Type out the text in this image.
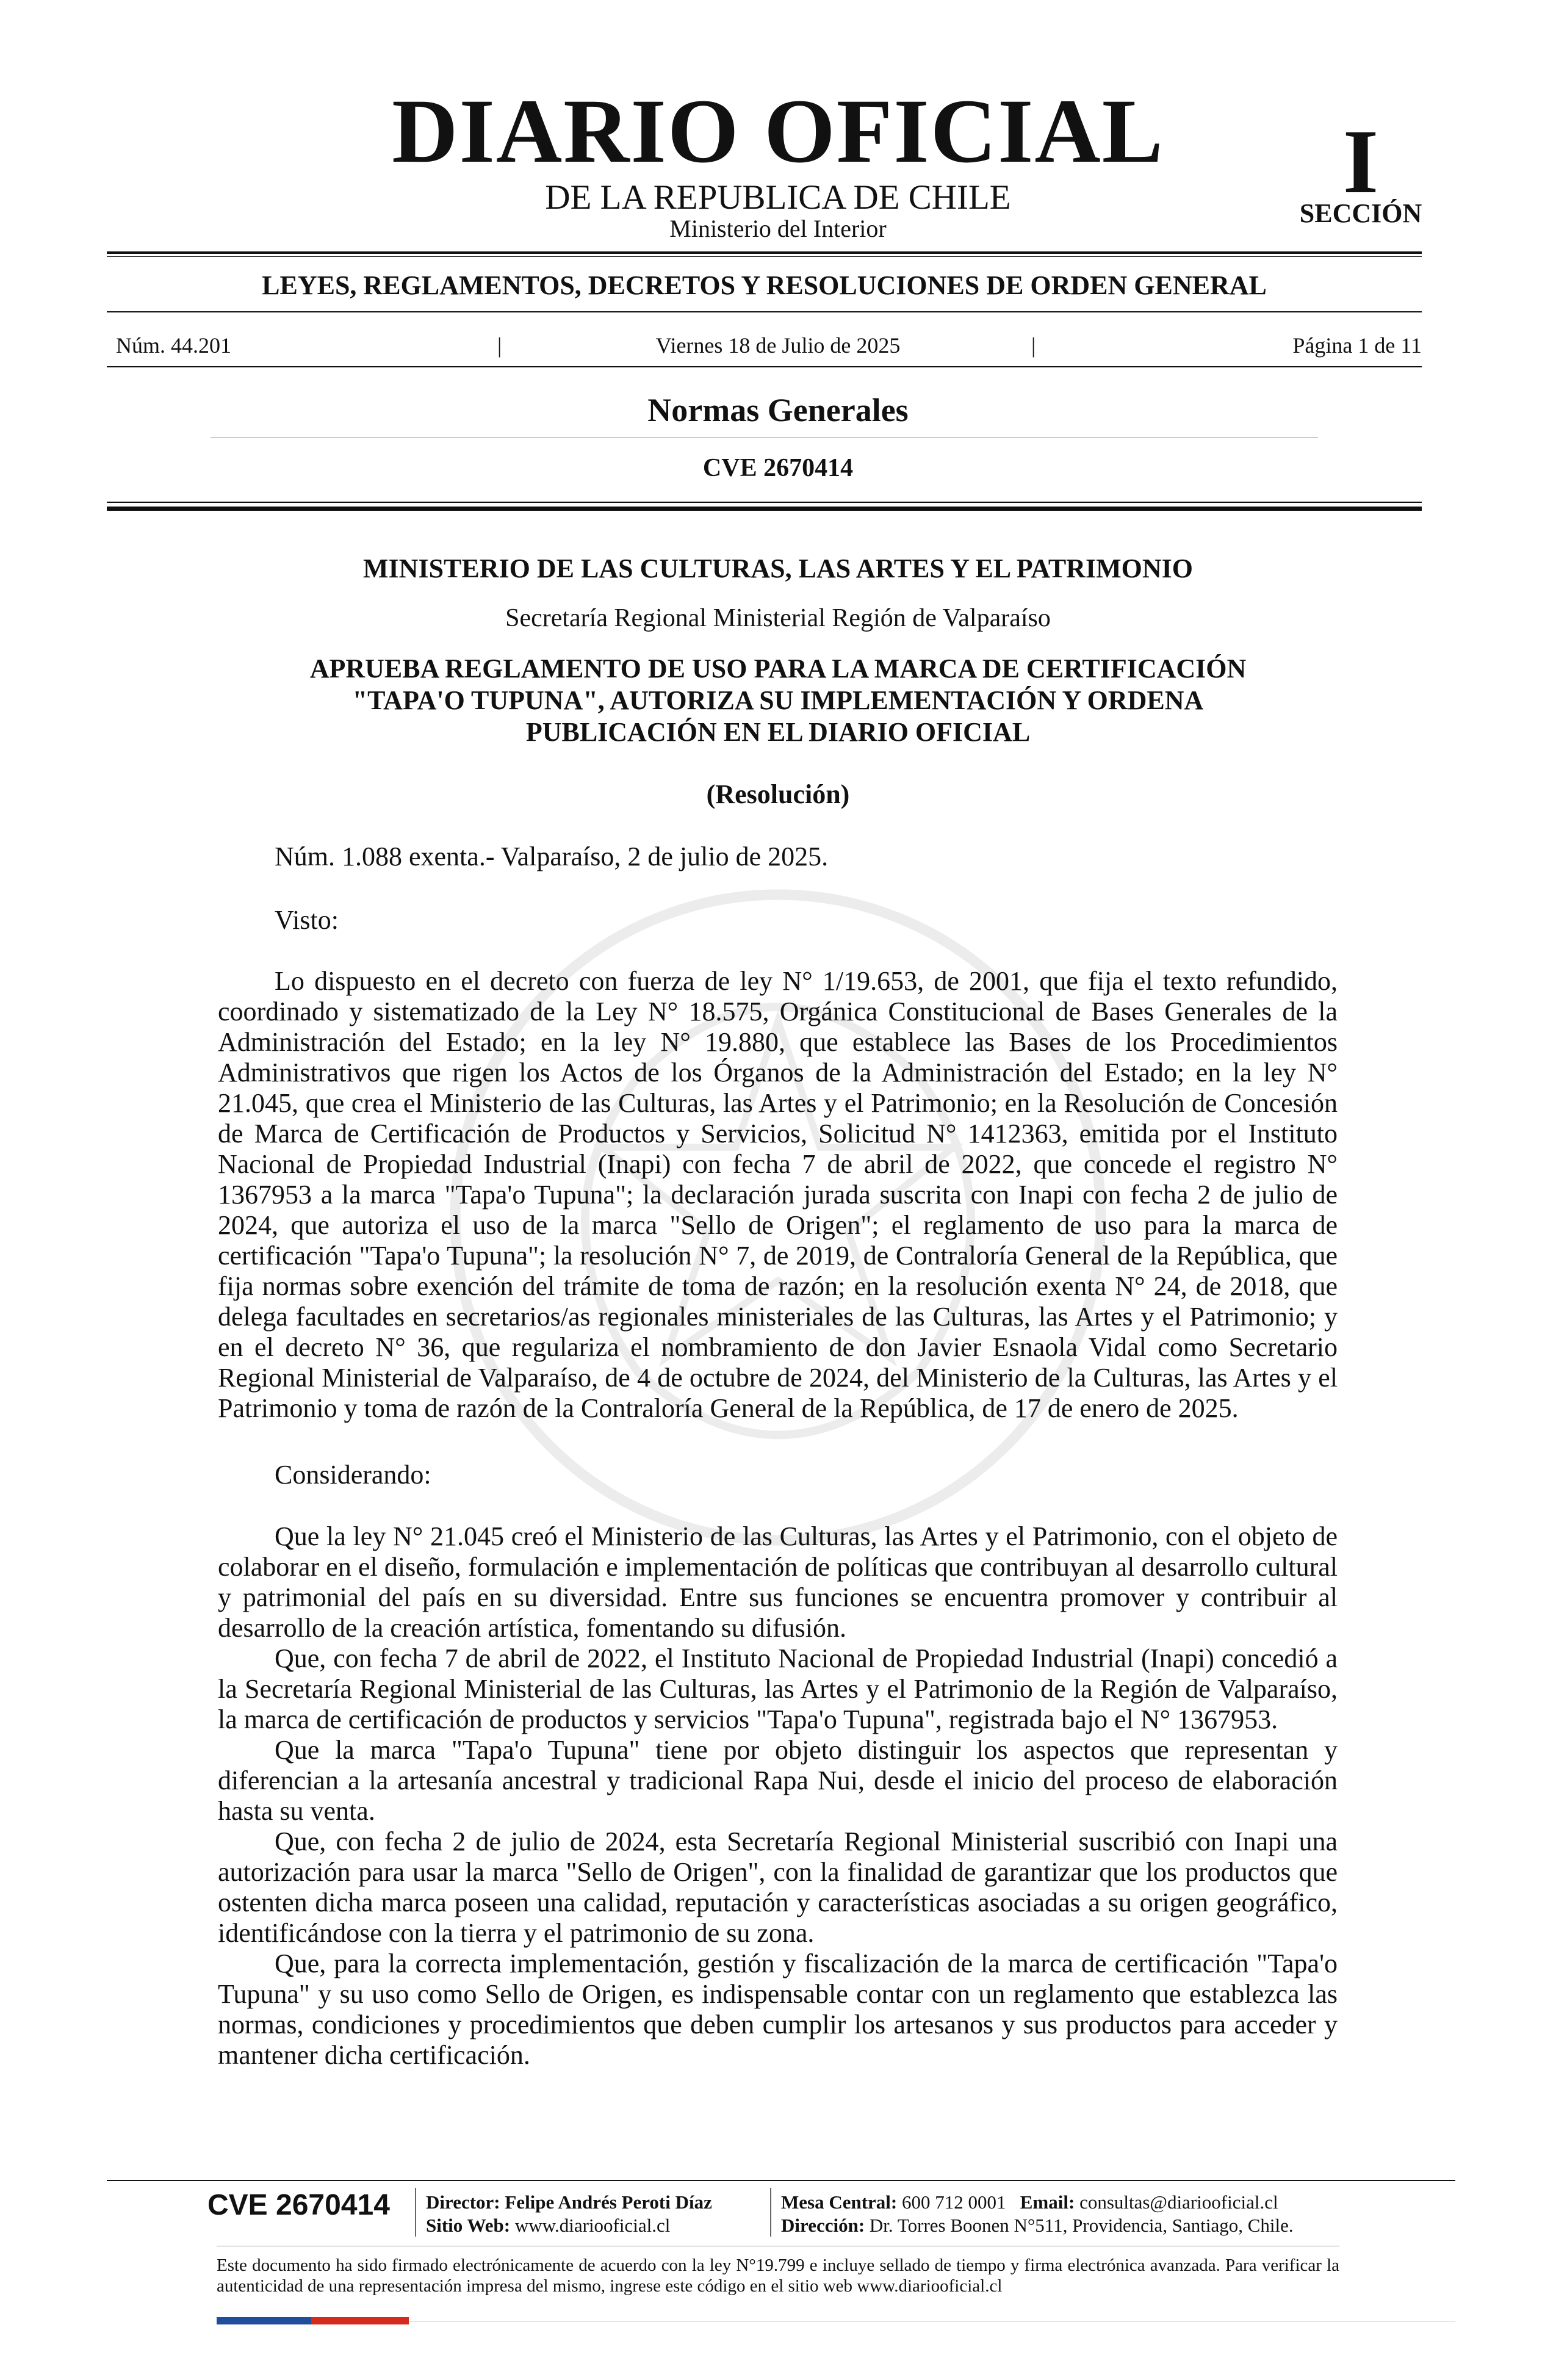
DIARIO OFICIAL
DE LA REPUBLICA DE CHILE
Ministerio del Interior
I
SECCIÓN
LEYES, REGLAMENTOS, DECRETOS Y RESOLUCIONES DE ORDEN GENERAL
Núm. 44.201	|	Viernes 18 de Julio de 2025	|	Página 1 de 11
Normas Generales
CVE 2670414
MINISTERIO DE LAS CULTURAS, LAS ARTES Y EL PATRIMONIO
Secretaría Regional Ministerial Región de Valparaíso
APRUEBA REGLAMENTO DE USO PARA LA MARCA DE CERTIFICACIÓN
"TAPA'O TUPUNA", AUTORIZA SU IMPLEMENTACIÓN Y ORDENA
PUBLICACIÓN EN EL DIARIO OFICIAL
(Resolución)
Núm. 1.088 exenta.- Valparaíso, 2 de julio de 2025.
Visto:

Lo dispuesto en el decreto con fuerza de ley N° 1/19.653, de 2001, que fija el texto refundido, coordinado y sistematizado de la Ley N° 18.575, Orgánica Constitucional de Bases Generales de la Administración del Estado; en la ley N° 19.880, que establece las Bases de los Procedimientos Administrativos que rigen los Actos de los Órganos de la Administración del Estado; en la ley N° 21.045, que crea el Ministerio de las Culturas, las Artes y el Patrimonio; en la Resolución de Concesión de Marca de Certificación de Productos y Servicios, Solicitud N° 1412363, emitida por el Instituto Nacional de Propiedad Industrial (Inapi) con fecha 7 de abril de 2022, que concede el registro N° 1367953 a la marca "Tapa'o Tupuna"; la declaración jurada suscrita con Inapi con fecha 2 de julio de 2024, que autoriza el uso de la marca "Sello de Origen"; el reglamento de uso para la marca de certificación "Tapa'o Tupuna"; la resolución N° 7, de 2019, de Contraloría General de la República, que fija normas sobre exención del trámite de toma de razón; en la resolución exenta N° 24, de 2018, que delega facultades en secretarios/as regionales ministeriales de las Culturas, las Artes y el Patrimonio; y en el decreto N° 36, que regulariza el nombramiento de don Javier Esnaola Vidal como Secretario Regional Ministerial de Valparaíso, de 4 de octubre de 2024, del Ministerio de la Culturas, las Artes y el Patrimonio y toma de razón de la Contraloría General de la República, de 17 de enero de 2025.

Considerando:

Que la ley N° 21.045 creó el Ministerio de las Culturas, las Artes y el Patrimonio, con el objeto de colaborar en el diseño, formulación e implementación de políticas que contribuyan al desarrollo cultural y patrimonial del país en su diversidad. Entre sus funciones se encuentra promover y contribuir al desarrollo de la creación artística, fomentando su difusión.

Que, con fecha 7 de abril de 2022, el Instituto Nacional de Propiedad Industrial (Inapi) concedió a la Secretaría Regional Ministerial de las Culturas, las Artes y el Patrimonio de la Región de Valparaíso, la marca de certificación de productos y servicios "Tapa'o Tupuna", registrada bajo el N° 1367953.

Que la marca "Tapa'o Tupuna" tiene por objeto distinguir los aspectos que representan y diferencian a la artesanía ancestral y tradicional Rapa Nui, desde el inicio del proceso de elaboración hasta su venta.

Que, con fecha 2 de julio de 2024, esta Secretaría Regional Ministerial suscribió con Inapi una autorización para usar la marca "Sello de Origen", con la finalidad de garantizar que los productos que ostenten dicha marca poseen una calidad, reputación y características asociadas a su origen geográfico, identificándose con la tierra y el patrimonio de su zona.

Que, para la correcta implementación, gestión y fiscalización de la marca de certificación "Tapa'o Tupuna" y su uso como Sello de Origen, es indispensable contar con un reglamento que establezca las normas, condiciones y procedimientos que deben cumplir los artesanos y sus productos para acceder y mantener dicha certificación.

CVE 2670414 Director: Felipe Andrés Peroti Díaz
Sitio Web: www.diariooficial.cl
Mesa Central: 600 712 0001 Email: consultas@diariooficial.cl
Dirección: Dr. Torres Boonen N°511, Providencia, Santiago, Chile.
Este documento ha sido firmado electrónicamente de acuerdo con la ley N°19.799 e incluye sellado de tiempo y firma electrónica avanzada. Para verificar la autenticidad de una representación impresa del mismo, ingrese este código en el sitio web www.diariooficial.cl
